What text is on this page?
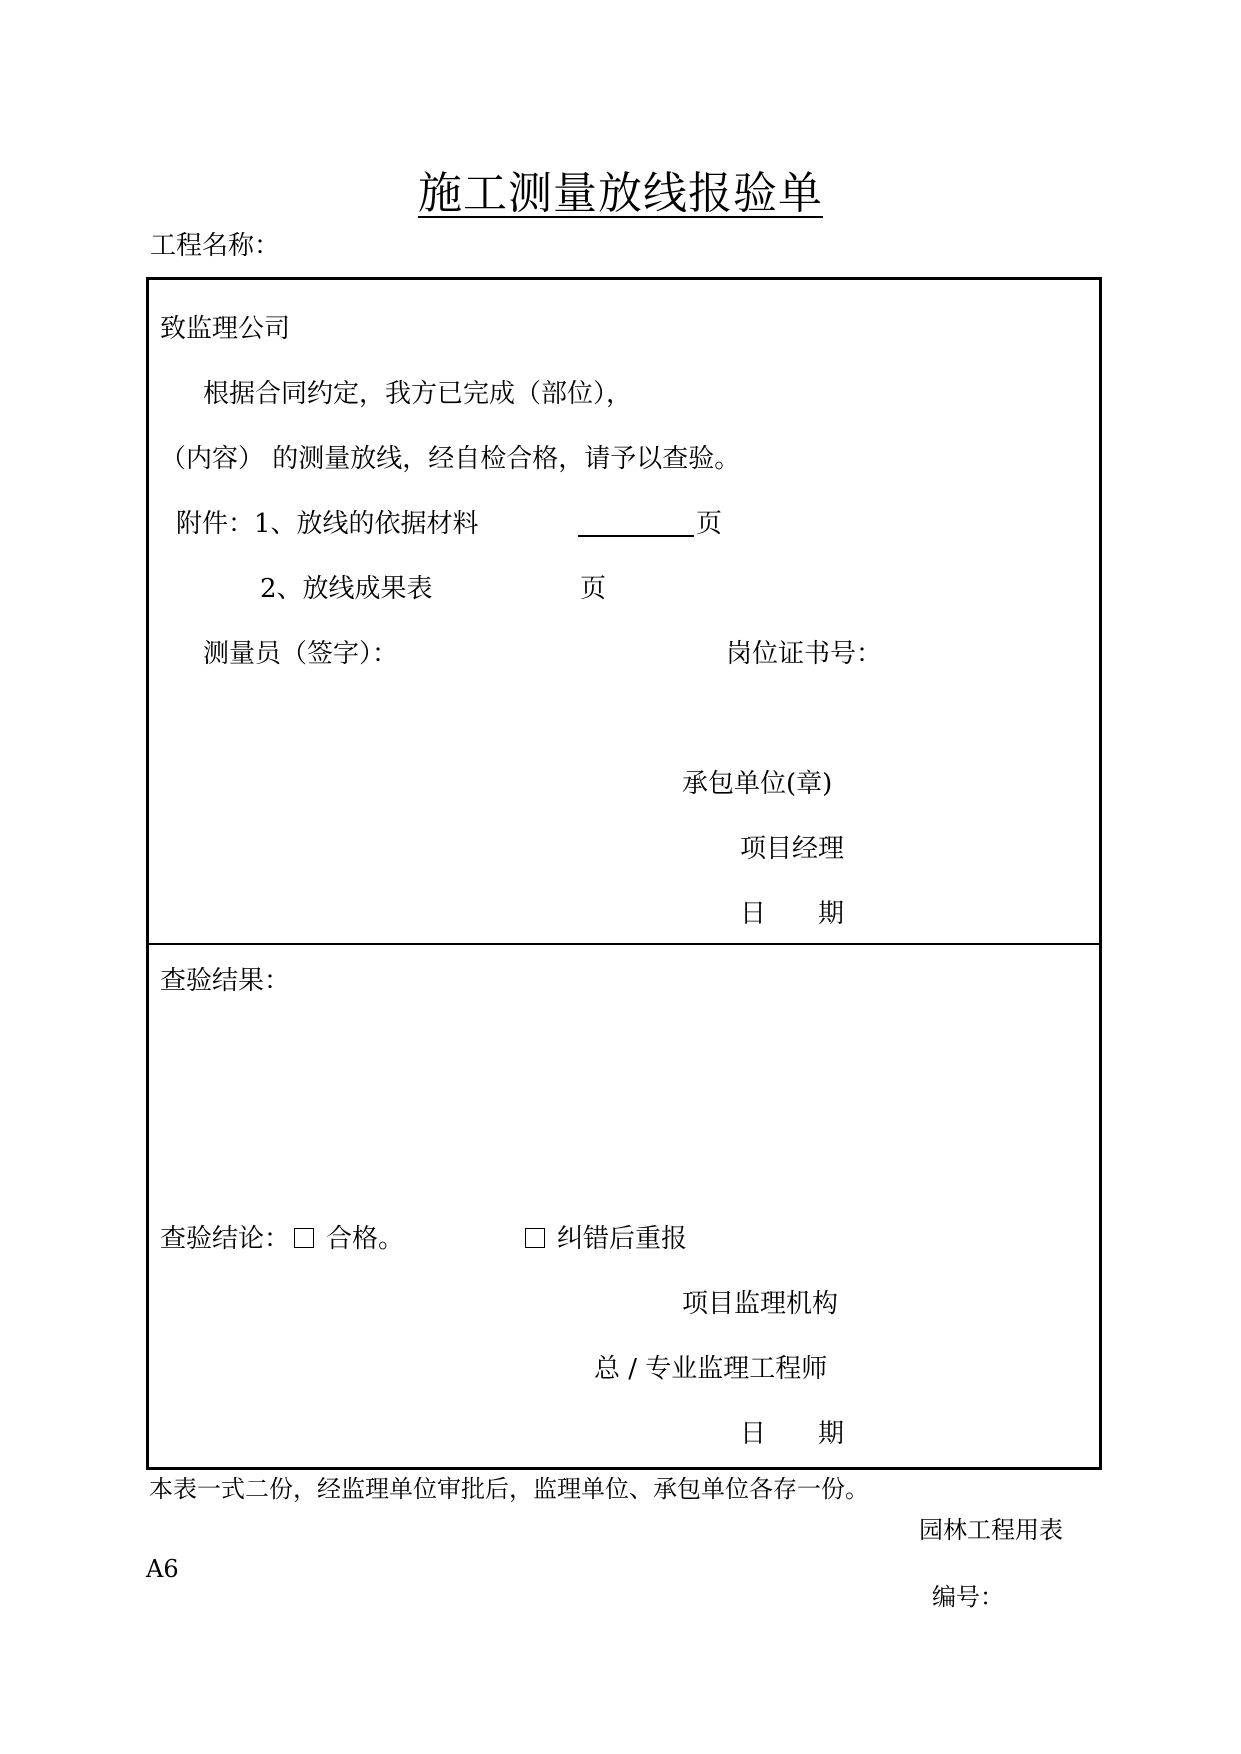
施工测量放线报验单
工程名称：
致监理公司
根据合同约定，我方已完成（部位），
（内容） 的测量放线，经自检合格，请予以查验。
附件：1、放线的依据材料	页
2、放线成果表	页
测量员（签字）：	岗位证书号：
承包单位(章)
项目经理
日　　期
查验结果：
查验结论： 合格。	纠错后重报
项目监理机构
总 / 专业监理工程师
日　　期
本表一式二份，经监理单位审批后，监理单位、承包单位各存一份。
园林工程用表
A6
编号：
